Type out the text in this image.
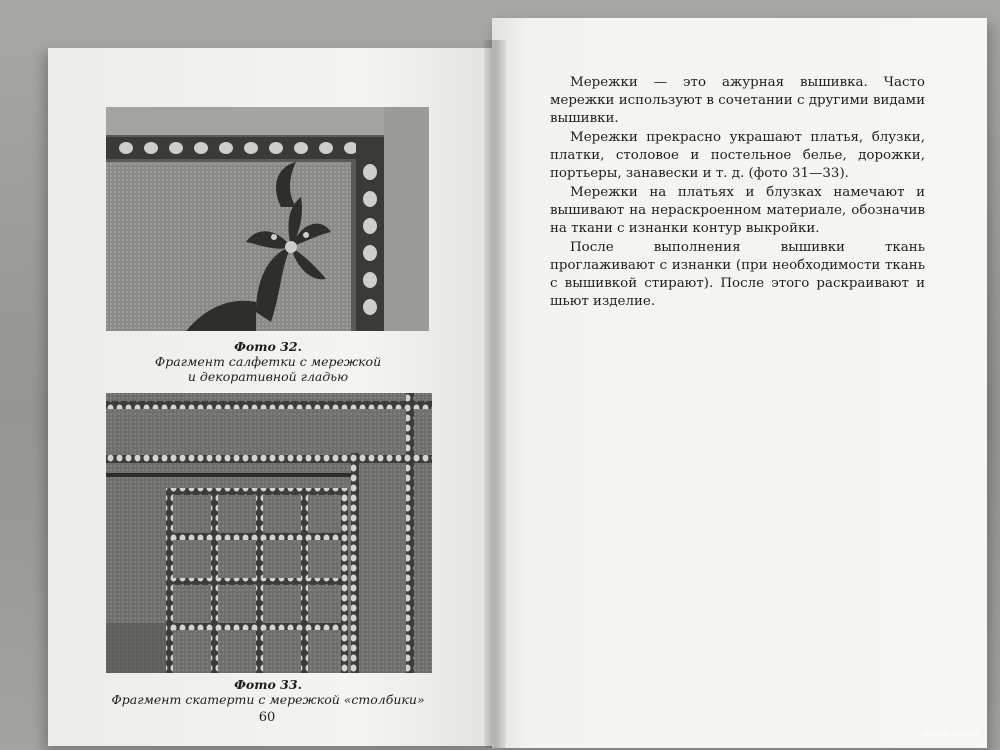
Фото 32.
Фрагмент салфетки с мережкой
и декоративной гладью
Фото 33.
Фрагмент скатерти с мережкой «столбики»
60

Мережки — это ажурная вышивка. Часто мережки используют в сочетании с другими видами вышивки.

Мережки прекрасно украшают платья, блузки, платки, столовое и постельное белье, дорожки, портьеры, занавески и т. д. (фото 31—33).

Мережки на платьях и блузках намечают и вышивают на нераскроенном материале, обозначив на ткани с изнанки контур выкройки.

После выполнения вышивки ткань проглаживают с изнанки (при необходимости ткань с вышивкой стирают). После этого раскраивают и шьют изделие.

www.ay.by
